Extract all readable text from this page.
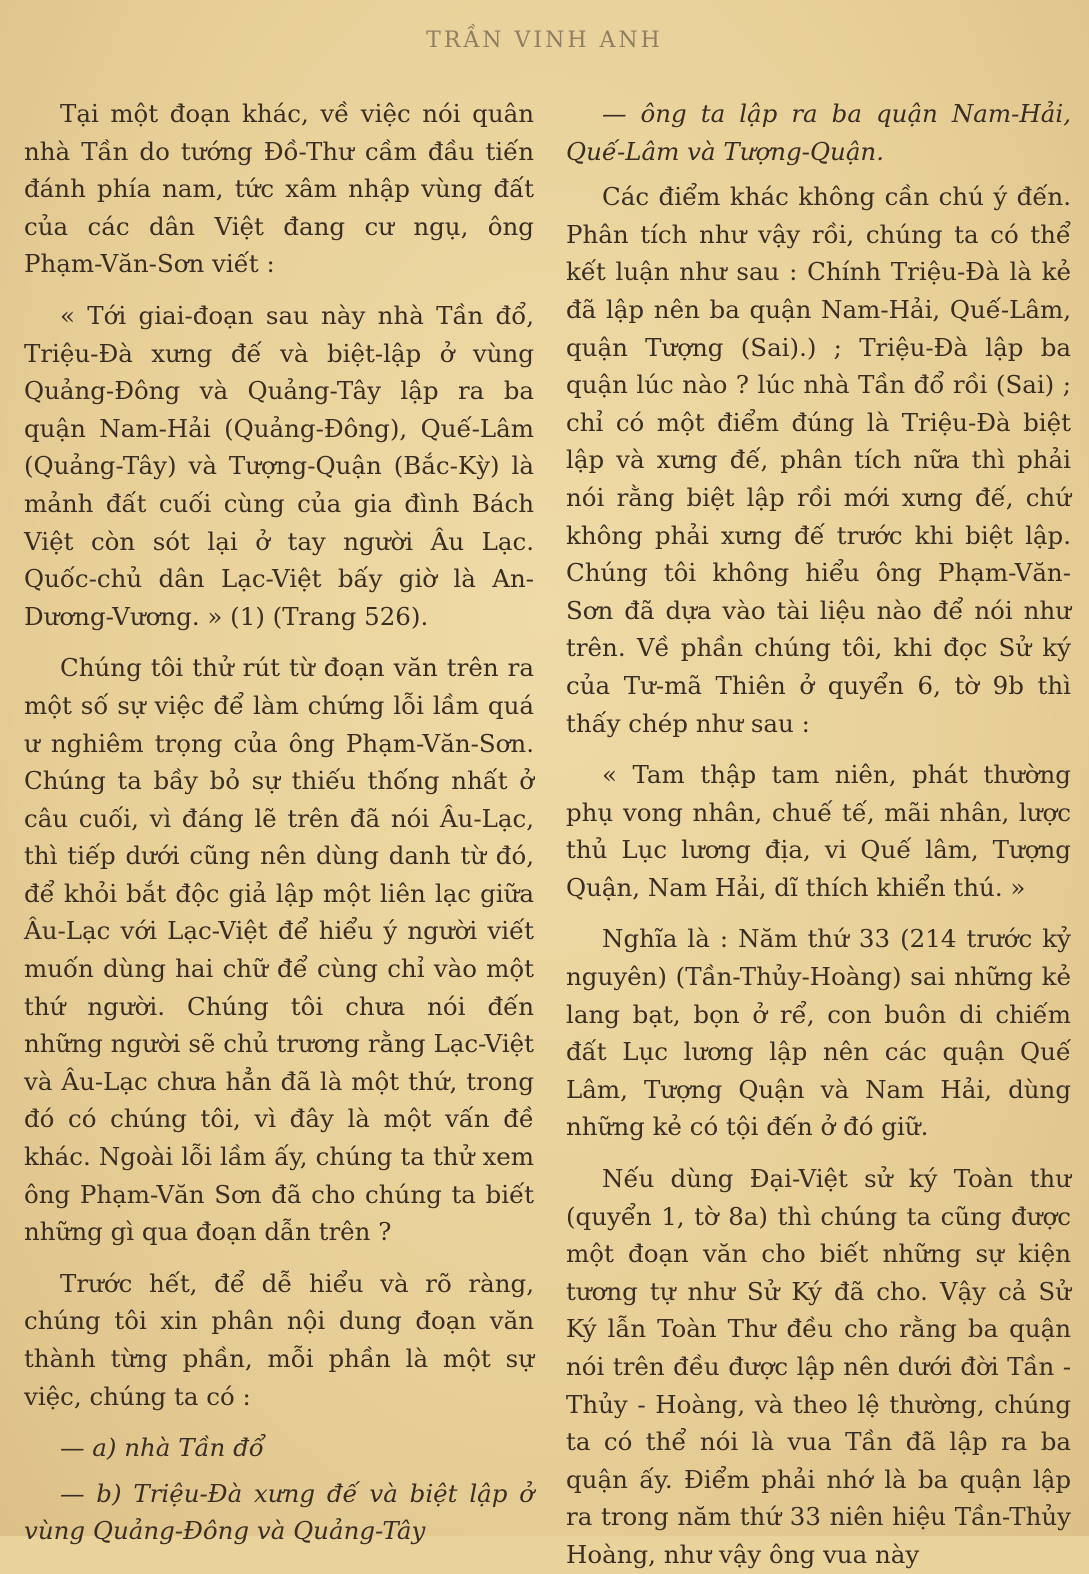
TRẦN VINH ANH

Tại một đoạn khác, về việc nói quân nhà Tần do tướng Đồ-Thư cầm đầu tiến đánh phía nam, tức xâm nhập vùng đất của các dân Việt đang cư ngụ, ông Phạm-Văn-Sơn viết :

« Tới giai-đoạn sau này nhà Tần đổ, Triệu-Đà xưng đế và biệt-lập ở vùng Quảng-Đông và Quảng-Tây lập ra ba quận Nam-Hải (Quảng-Đông), Quế-Lâm (Quảng-Tây) và Tượng-Quận (Bắc-Kỳ) là mảnh đất cuối cùng của gia đình Bách Việt còn sót lại ở tay người Âu Lạc. Quốc-chủ dân Lạc-Việt bấy giờ là An-Dương-Vương. » (1) (Trang 526).

Chúng tôi thử rút từ đoạn văn trên ra một số sự việc để làm chứng lỗi lầm quá ư nghiêm trọng của ông Phạm-Văn-Sơn. Chúng ta bầy bỏ sự thiếu thống nhất ở câu cuối, vì đáng lẽ trên đã nói Âu-Lạc, thì tiếp dưới cũng nên dùng danh từ đó, để khỏi bắt độc giả lập một liên lạc giữa Âu-Lạc với Lạc-Việt để hiểu ý người viết muốn dùng hai chữ để cùng chỉ vào một thứ người. Chúng tôi chưa nói đến những người sẽ chủ trương rằng Lạc-Việt và Âu-Lạc chưa hẳn đã là một thứ, trong đó có chúng tôi, vì đây là một vấn đề khác. Ngoài lỗi lầm ấy, chúng ta thử xem ông Phạm-Văn Sơn đã cho chúng ta biết những gì qua đoạn dẫn trên ?

Trước hết, để dễ hiểu và rõ ràng, chúng tôi xin phân nội dung đoạn văn thành từng phần, mỗi phần là một sự việc, chúng ta có :

— a) nhà Tần đổ

— b) Triệu-Đà xưng đế và biệt lập ở vùng Quảng-Đông và Quảng-Tây

— ông ta lập ra ba quận Nam-Hải, Quế-Lâm và Tượng-Quận.

Các điểm khác không cần chú ý đến. Phân tích như vậy rồi, chúng ta có thể kết luận như sau : Chính Triệu-Đà là kẻ đã lập nên ba quận Nam-Hải, Quế-Lâm, quận Tượng (Sai).) ; Triệu-Đà lập ba quận lúc nào ? lúc nhà Tần đổ rồi (Sai) ; chỉ có một điểm đúng là Triệu-Đà biệt lập và xưng đế, phân tích nữa thì phải nói rằng biệt lập rồi mới xưng đế, chứ không phải xưng đế trước khi biệt lập. Chúng tôi không hiểu ông Phạm-Văn-Sơn đã dựa vào tài liệu nào để nói như trên. Về phần chúng tôi, khi đọc Sử ký của Tư-mã Thiên ở quyển 6, tờ 9b thì thấy chép như sau :

« Tam thập tam niên, phát thường phụ vong nhân, chuế tế, mãi nhân, lược thủ Lục lương địa, vi Quế lâm, Tượng Quận, Nam Hải, dĩ thích khiển thú. »

Nghĩa là : Năm thứ 33 (214 trước kỷ nguyên) (Tần-Thủy-Hoàng) sai những kẻ lang bạt, bọn ở rể, con buôn di chiếm đất Lục lương lập nên các quận Quế Lâm, Tượng Quận và Nam Hải, dùng những kẻ có tội đến ở đó giữ.

Nếu dùng Đại-Việt sử ký Toàn thư (quyển 1, tờ 8a) thì chúng ta cũng được một đoạn văn cho biết những sự kiện tương tự như Sử Ký đã cho. Vậy cả Sử Ký lẫn Toàn Thư đều cho rằng ba quận nói trên đều được lập nên dưới đời Tần - Thủy - Hoàng, và theo lệ thường, chúng ta có thể nói là vua Tần đã lập ra ba quận ấy. Điểm phải nhớ là ba quận lập ra trong năm thứ 33 niên hiệu Tần-Thủy Hoàng, như vậy ông vua này
